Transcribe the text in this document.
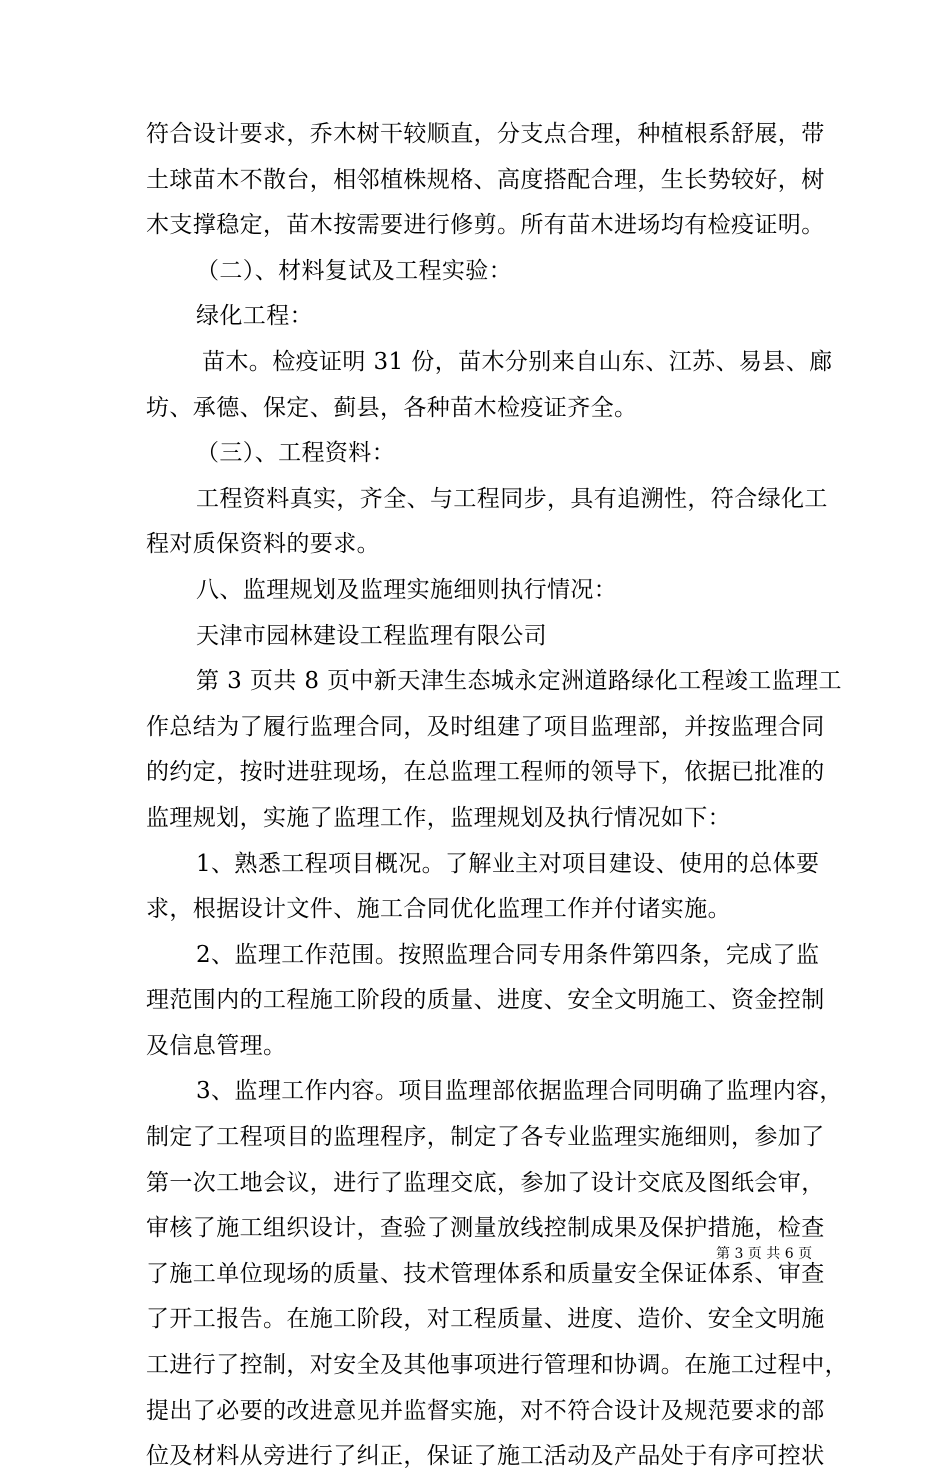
符合设计要求，乔木树干较顺直，分支点合理，种植根系舒展，带
土球苗木不散台，相邻植株规格、高度搭配合理，生长势较好，树
木支撑稳定，苗木按需要进行修剪。所有苗木进场均有检疫证明。
（二）、材料复试及工程实验：
绿化工程：
苗木。检疫证明 31 份，苗木分别来自山东、江苏、易县、廊
坊、承德、保定、蓟县，各种苗木检疫证齐全。
（三）、工程资料：
工程资料真实，齐全、与工程同步，具有追溯性，符合绿化工
程对质保资料的要求。
八、监理规划及监理实施细则执行情况：
天津市园林建设工程监理有限公司
第 3 页共 8 页中新天津生态城永定洲道路绿化工程竣工监理工
作总结为了履行监理合同，及时组建了项目监理部，并按监理合同
的约定，按时进驻现场，在总监理工程师的领导下，依据已批准的
监理规划，实施了监理工作，监理规划及执行情况如下：
1、熟悉工程项目概况。了解业主对项目建设、使用的总体要
求，根据设计文件、施工合同优化监理工作并付诸实施。
2、监理工作范围。按照监理合同专用条件第四条，完成了监
理范围内的工程施工阶段的质量、进度、安全文明施工、资金控制
及信息管理。
3、监理工作内容。项目监理部依据监理合同明确了监理内容，
制定了工程项目的监理程序，制定了各专业监理实施细则，参加了
第一次工地会议，进行了监理交底，参加了设计交底及图纸会审，
审核了施工组织设计，查验了测量放线控制成果及保护措施，检查
了施工单位现场的质量、技术管理体系和质量安全保证体系、审查
了开工报告。在施工阶段，对工程质量、进度、造价、安全文明施
工进行了控制，对安全及其他事项进行管理和协调。在施工过程中，
提出了必要的改进意见并监督实施，对不符合设计及规范要求的部
位及材料从旁进行了纠正，保证了施工活动及产品处于有序可控状
第 3 页 共 6 页
